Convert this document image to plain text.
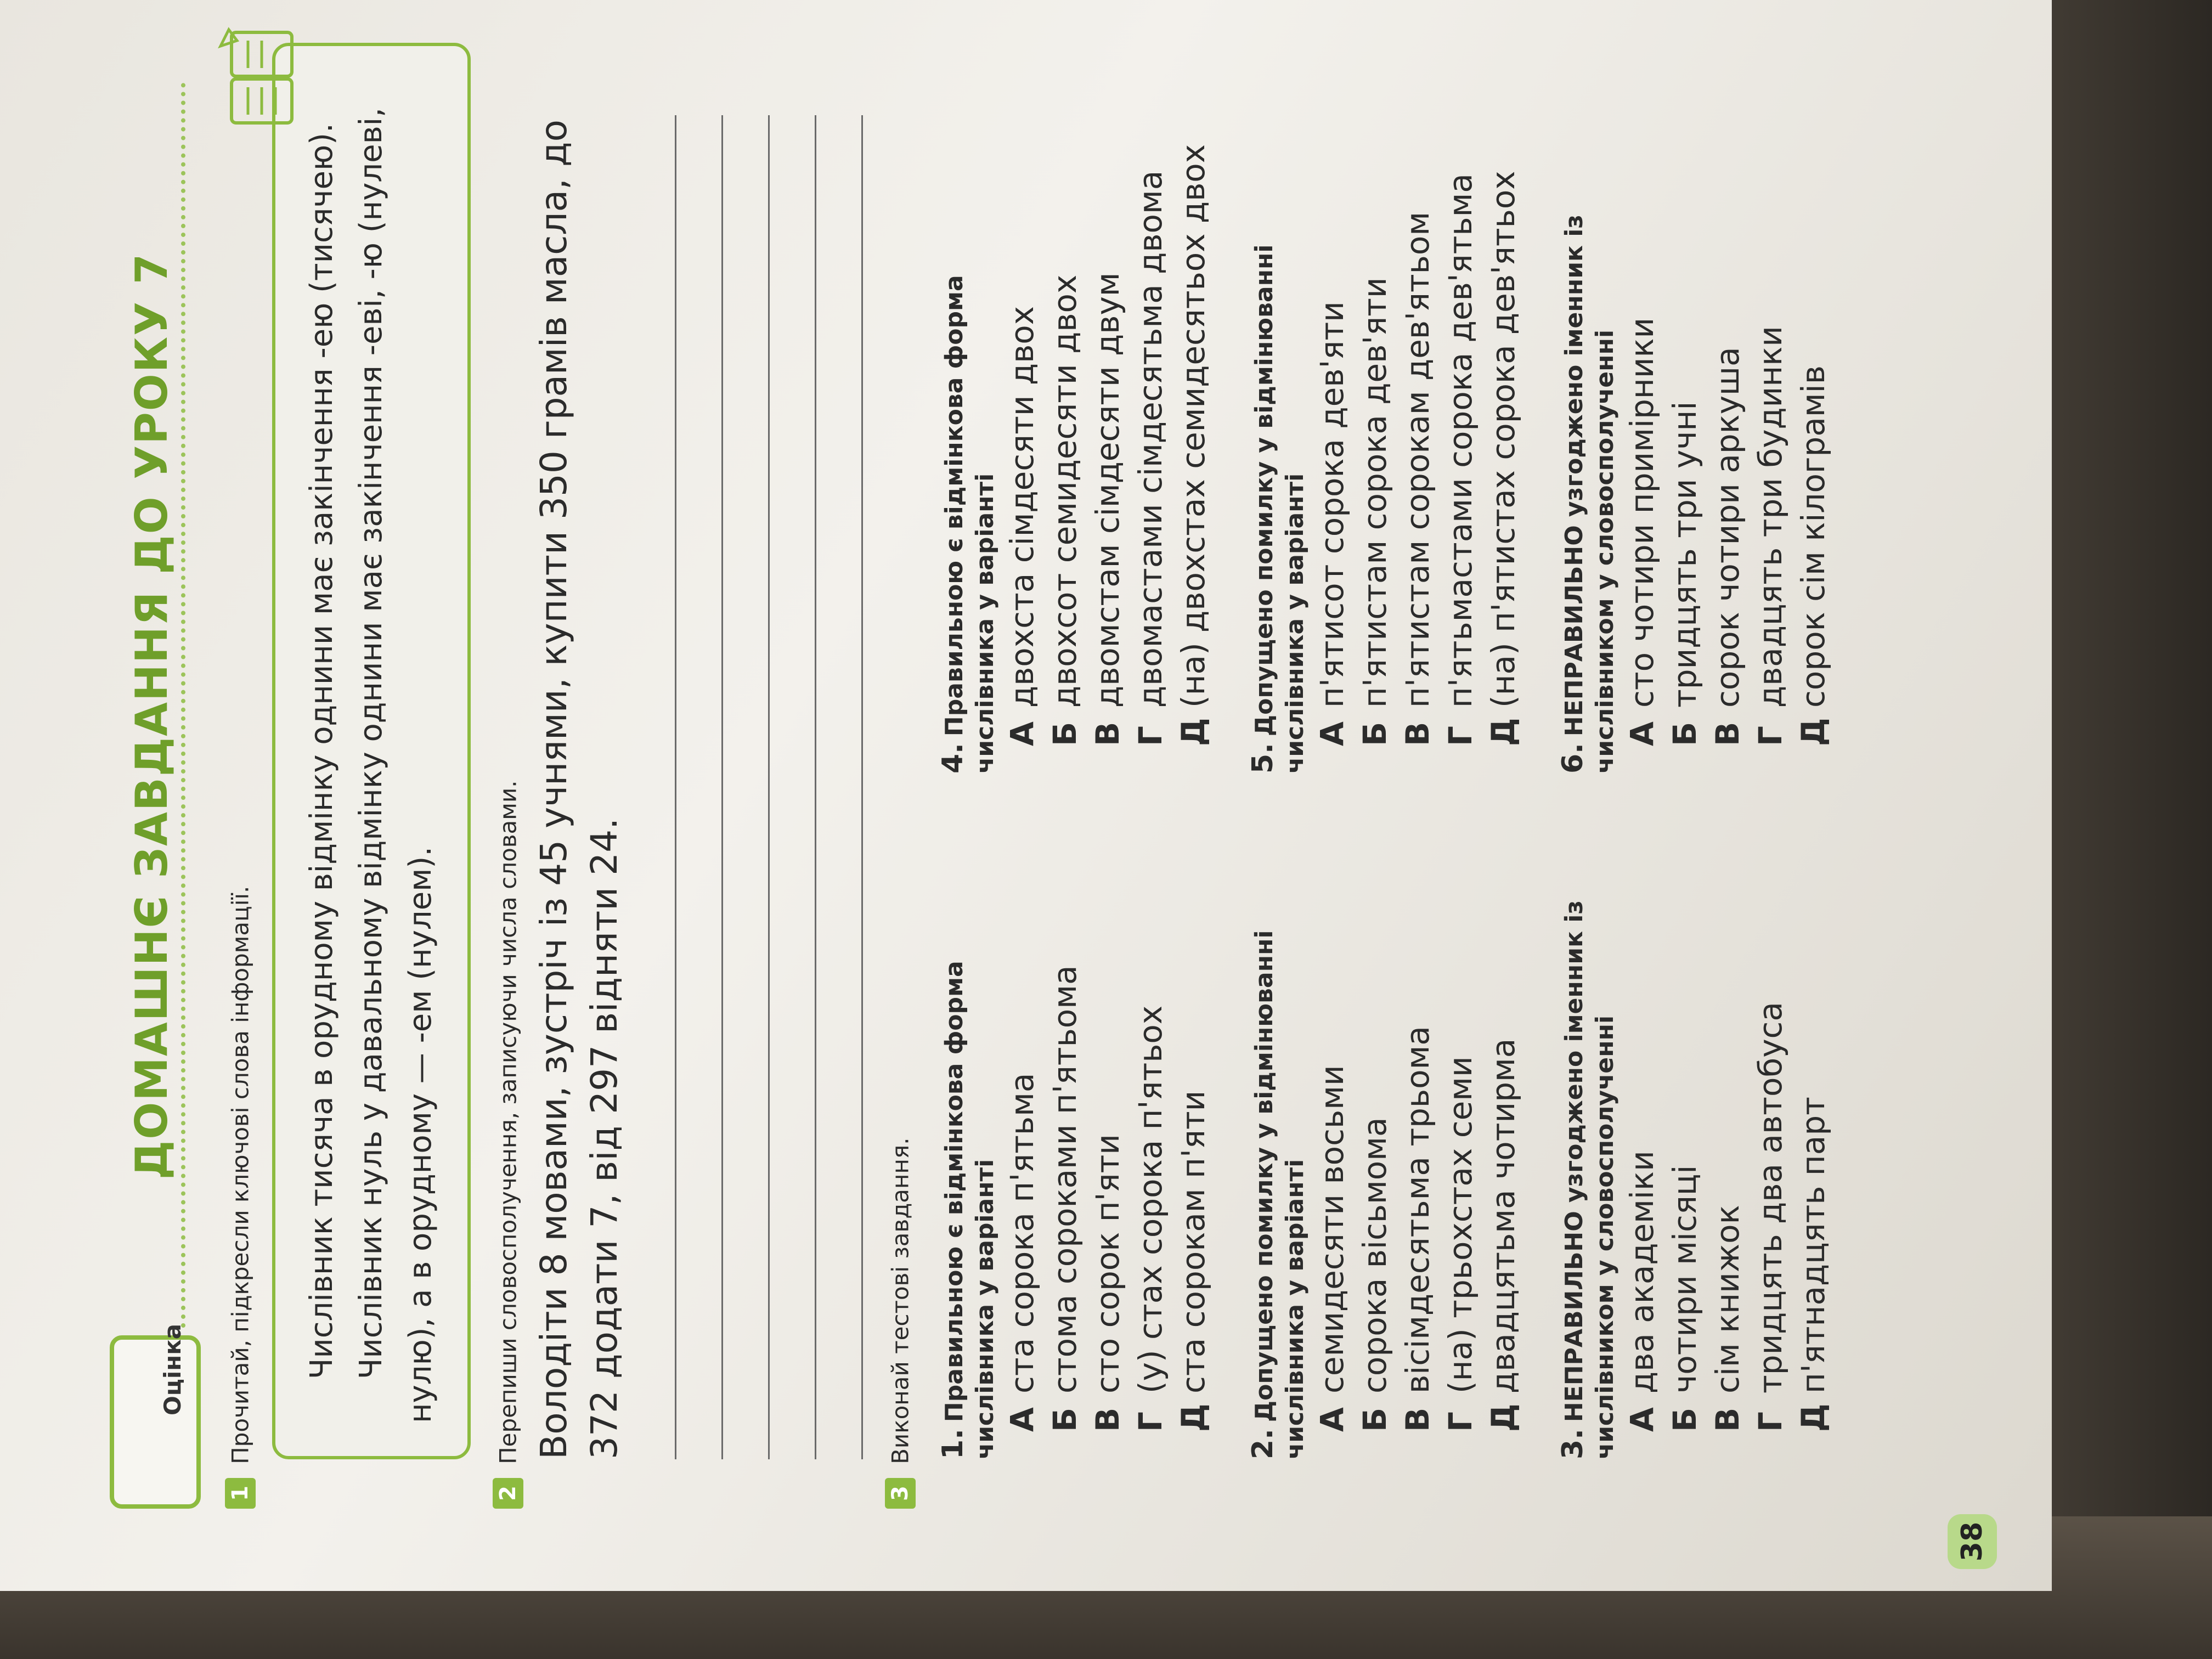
Оцінка
ДОМАШНЄ ЗАВДАННЯ ДО УРОКУ 7
1 Прочитай, підкресли ключові слова інформації. Числівник тисяча в орудному відмінку однини має закінчення -ею (тисячею). Числівник нуль у давальному відмінку однини має закінчення -еві, -ю (нулеві, нулю), а в орудному — -ем (нулем).

2 Перепиши словосполучення, записуючи числа словами. Володіти 8 мовами, зустріч із 45 учнями, купити 350 грамів масла, до 372 додати 7, від 297 відняти 24.
3 Виконай тестові завдання. 1.Правильною є відмінкова форма числівника у варіанті Аста сорока п'ятьма
Бстома сороками п'ятьома
Всто сорок п'яти
Г(у) стах сорока п'ятьох
Дста сорокам п'яти
2.Допущено помилку у відмінюванні числівника у варіанті Асемидесяти восьми
Бсорока вісьмома
Ввісімдесятьма трьома
Г(на) трьохстах семи
Ддвадцятьма чотирма
3.НЕПРАВИЛЬНО узгоджено іменник із числівником у словосполученні Адва академіки
Бчотири місяці
Всім книжок
Гтридцять два автобуса
Дп'ятнадцять парт
4.Правильною є відмінкова форма числівника у варіанті Адвохста сімдесяти двох
Бдвохсот семидесяти двох
Вдвомстам сімдесяти двум
Гдвомастами сімдесятьма двома
Д(на) двохстах семидесятьох двох
5.Допущено помилку у відмінюванні числівника у варіанті Ап'ятисот сорока дев'яти
Бп'ятистам сорока дев'яти
Вп'ятистам сорокам дев'ятьом
Гп'ятьмастами сорока дев'ятьма
Д(на) п'ятистах сорока дев'ятьох
6.НЕПРАВИЛЬНО узгоджено іменник із числівником у словосполученні Асто чотири примірники
Бтридцять три учні
Всорок чотири аркуша
Гдвадцять три будинки
Дсорок сім кілограмів
38
